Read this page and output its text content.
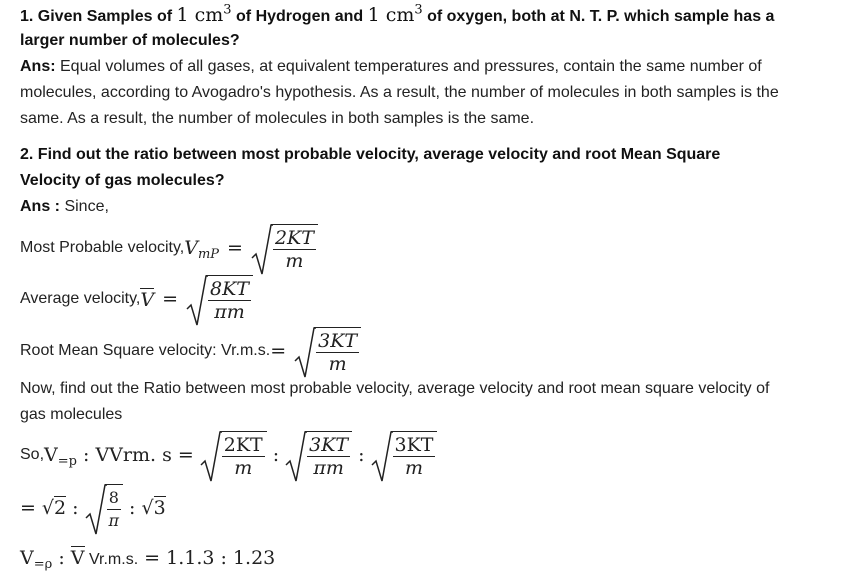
1. Given Samples of 1 $cm^3$ of Hydrogen and 1 $cm^3$ of oxygen, both at N. T. P. which sample has a
larger number of molecules?
Ans: Equal volumes of all gases, at equivalent temperatures and pressures, contain the same number of
molecules, according to Avogadro's hypothesis. As a result, the number of molecules in both samples is the
same. As a result, the number of molecules in both samples is the same.
2. Find out the ratio between most probable velocity, average velocity and root Mean Square
Velocity of gas molecules?
Ans : Since,
Most Probable velocity, $V_{mP} = \frac{2KT}{m}$
Average velocity, $V = \frac{8KT}{\pi m}$
Root Mean Square velocity: Vr.m.s. = $\frac{3KT}{m}$
Now, find out the Ratio between most probable velocity, average velocity and root mean square velocity of
gas molecules
So, $V_{=p}$ : VVrm. $s = \frac{2KT}{m}$ : $\frac{3KT}{\pi m}$ : $\frac{3KT}{m}$
= √2 : $\frac{8}{\pi}$ : √3
$V_{=\rho}$ : V Vr.m.s. = 1.1.3 : 1.23
